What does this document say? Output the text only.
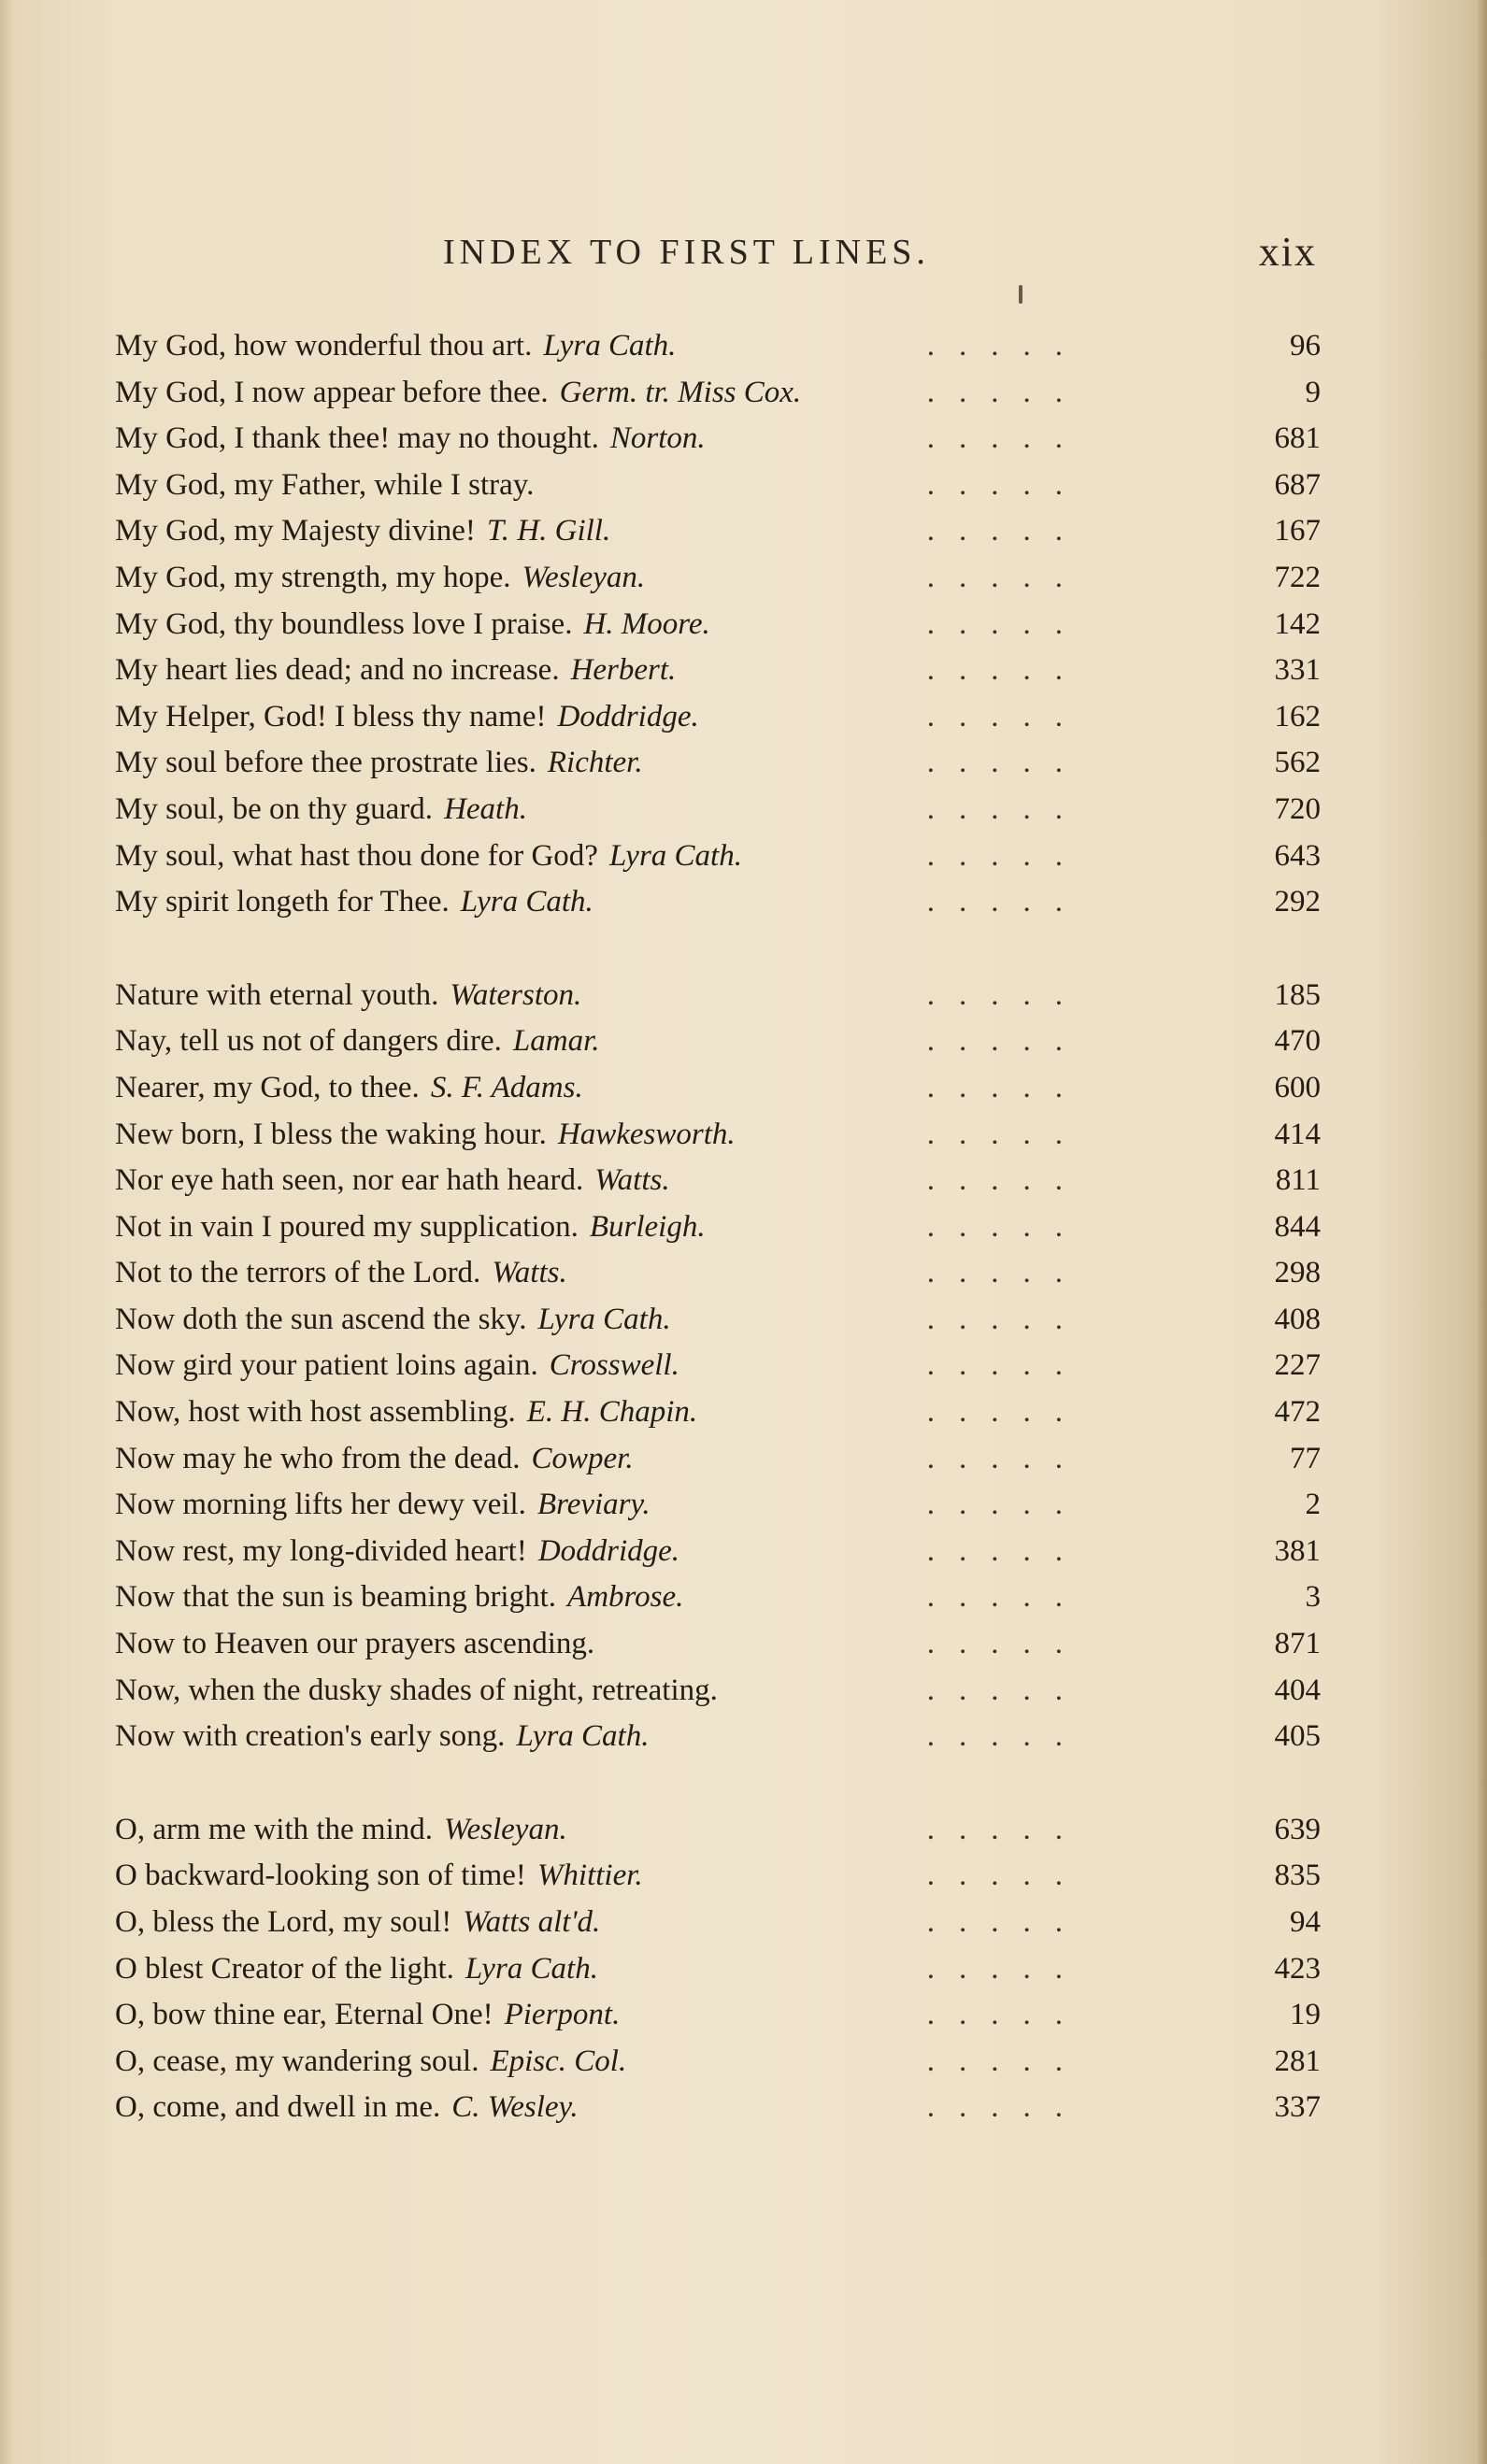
INDEX TO FIRST LINES.	xix
My God, how wonderful thou art. Lyra Cath.	.....	96
My God, I now appear before thee. Germ. tr. Miss Cox.	.....	9
My God, I thank thee! may no thought. Norton.	.....	681
My God, my Father, while I stray.	.....	687
My God, my Majesty divine! T. H. Gill.	.....	167
My God, my strength, my hope. Wesleyan.	.....	722
My God, thy boundless love I praise. H. Moore.	.....	142
My heart lies dead; and no increase. Herbert.	.....	331
My Helper, God! I bless thy name! Doddridge.	.....	162
My soul before thee prostrate lies. Richter.	.....	562
My soul, be on thy guard. Heath.	.....	720
My soul, what hast thou done for God? Lyra Cath.	.....	643
My spirit longeth for Thee. Lyra Cath.	.....	292
Nature with eternal youth. Waterston.	.....	185
Nay, tell us not of dangers dire. Lamar.	.....	470
Nearer, my God, to thee. S. F. Adams.	.....	600
New born, I bless the waking hour. Hawkesworth.	.....	414
Nor eye hath seen, nor ear hath heard. Watts.	.....	811
Not in vain I poured my supplication. Burleigh.	.....	844
Not to the terrors of the Lord. Watts.	.....	298
Now doth the sun ascend the sky. Lyra Cath.	.....	408
Now gird your patient loins again. Crosswell.	.....	227
Now, host with host assembling. E. H. Chapin.	.....	472
Now may he who from the dead. Cowper.	.....	77
Now morning lifts her dewy veil. Breviary.	.....	2
Now rest, my long-divided heart! Doddridge.	.....	381
Now that the sun is beaming bright. Ambrose.	.....	3
Now to Heaven our prayers ascending.	.....	871
Now, when the dusky shades of night, retreating.	.....	404
Now with creation's early song. Lyra Cath.	.....	405
O, arm me with the mind. Wesleyan.	.....	639
O backward-looking son of time! Whittier.	.....	835
O, bless the Lord, my soul! Watts alt'd.	.....	94
O blest Creator of the light. Lyra Cath.	.....	423
O, bow thine ear, Eternal One! Pierpont.	.....	19
O, cease, my wandering soul. Episc. Col.	.....	281
O, come, and dwell in me. C. Wesley.	.....	337
